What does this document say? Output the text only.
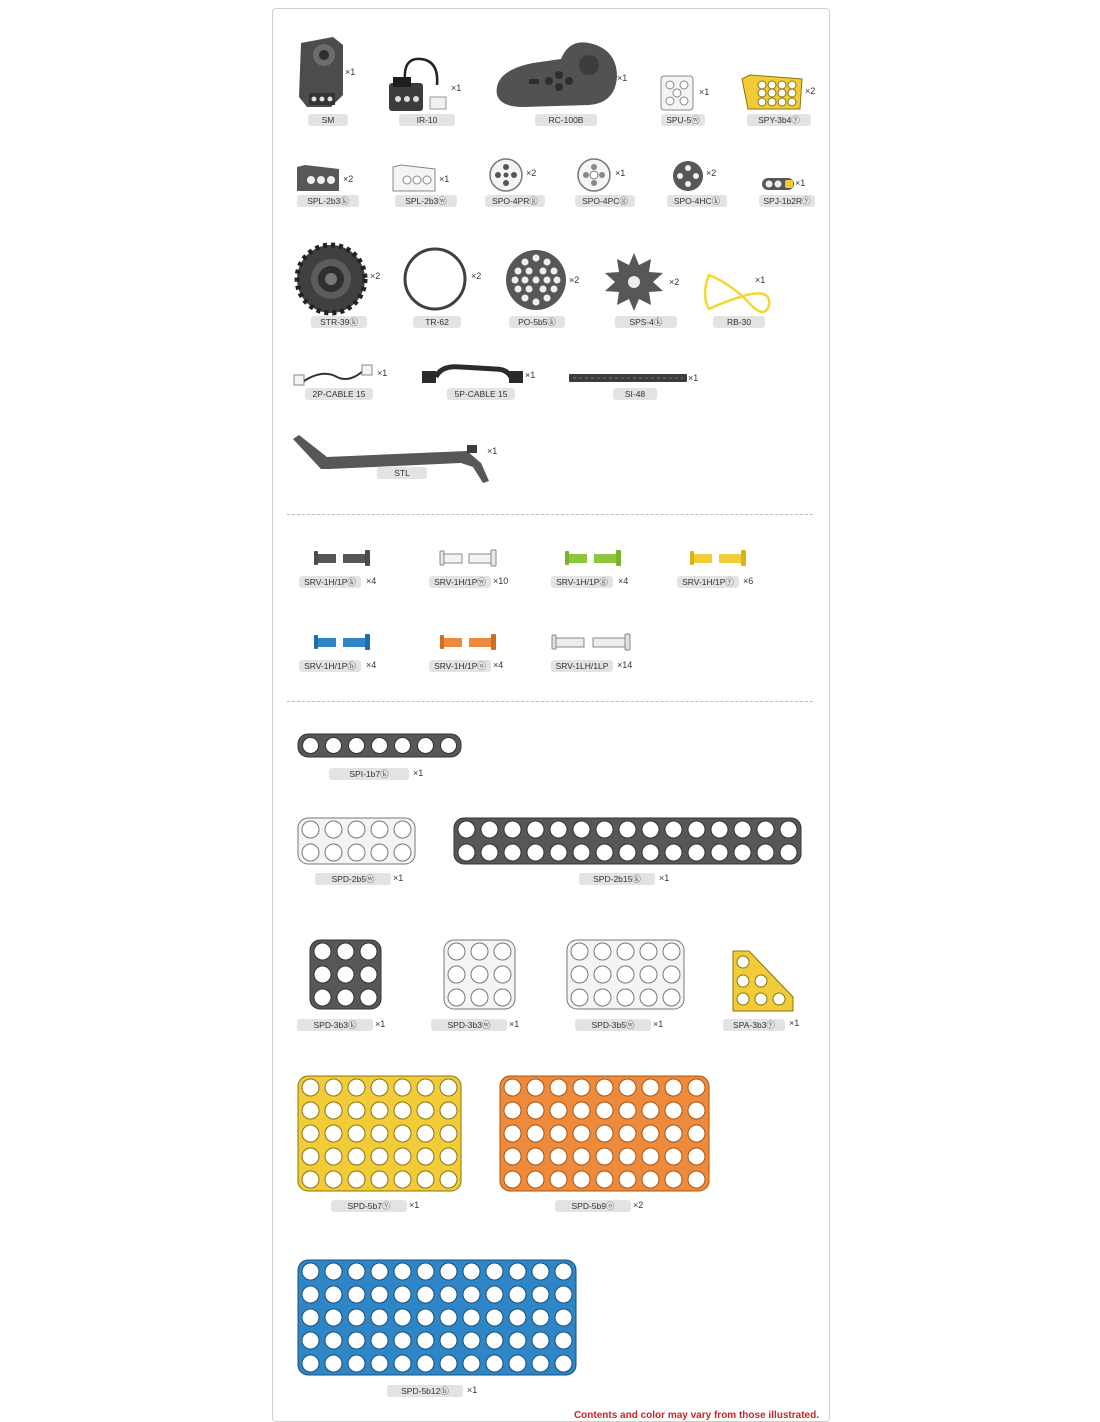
×1
SM
×1
IR-10
×1
RC-100B
×1
SPU-5ⓦ
×2
SPY-3b4ⓨ
×2
SPL-2b3ⓚ
×1
SPL-2b3ⓦ
×2
SPO-4PRⓖ
×1
SPO-4PCⓖ
×2
SPO-4HCⓚ
×1
SPJ-1b2Rⓨ
×2
STR-39ⓚ
×2
TR-62
×2
PO-5b5ⓚ
×2
SPS-4ⓚ
×1
RB-30
×1
2P-CABLE 15
×1
5P-CABLE 15
×1
SI-48
×1
STL
SRV-1H/1Pⓚ	×4	SRV-1H/1Pⓦ ×10	SRV-1H/1Pⓖ	×4	SRV-1H/1Pⓨ	×6
SRV-1H/1Pⓑ	×4	SRV-1H/1Pⓞ ×4	SRV-1LH/1LP ×14
SPI-1b7ⓚ	×1
SPD-2b5ⓦ	×1	SPD-2b15ⓚ	×1
SPD-3b3ⓚ	×1	SPD-3b3ⓦ	×1	SPD-3b5ⓦ	×1	SPA-3b3ⓨ	×1
SPD-5b7ⓨ	×1	SPD-5b9ⓞ	×2
SPD-5b12ⓑ	×1
Contents and color may vary from those illustrated.
